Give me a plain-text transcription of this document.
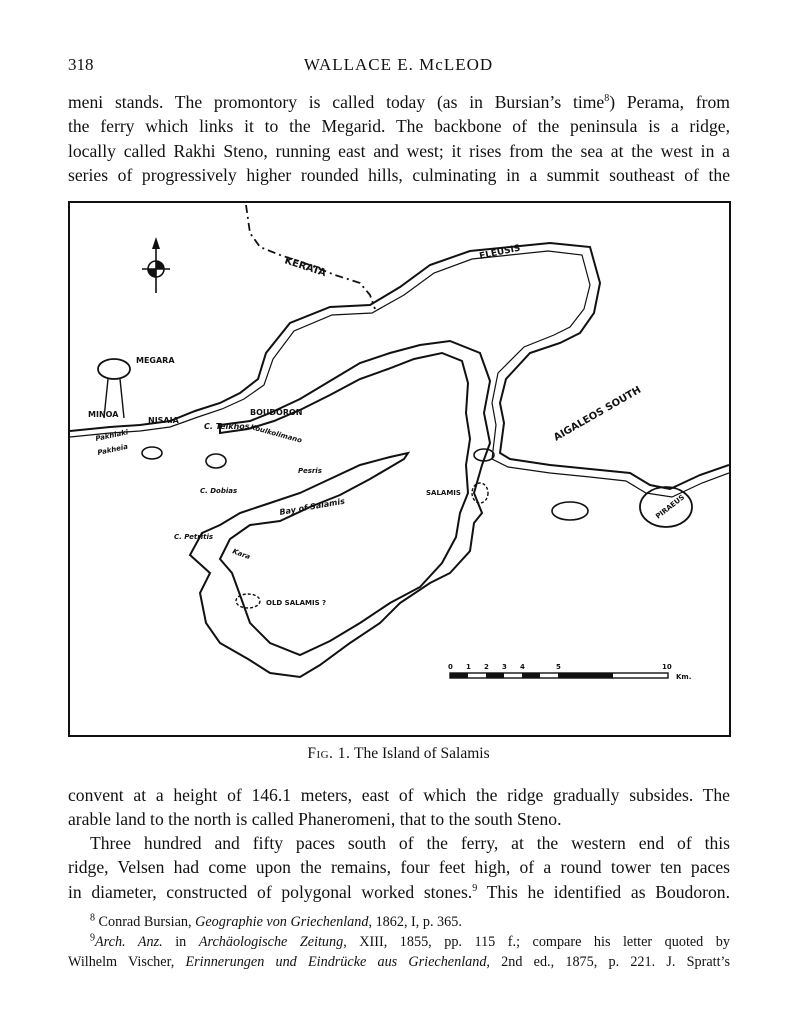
318	WALLACE E. McLEOD
meni stands. The promontory is called today (as in Bursian’s time$^8$) Perama, from
the ferry which links it to the Megarid. The backbone of the peninsula is a ridge,
locally called Rakhi Steno, running east and west; it rises from the sea at the west in a
series of progressively higher rounded hills, culminating in a summit southeast of the
KERATA
ELEUSIS
MEGARA
MINOA
NISAIA
BOUDORON
C. Teikhos Koulkolimano
Pakhiaki
Pakheia
C. Dobias
Pesris
Bay of Salamis
SALAMIS
AIGALEOS SOUTH
PIRAEUS
C. Petritis
Kara
OLD SALAMIS ?
0 1 2 3 4	5	10
Km.
Fig. 1. The Island of Salamis
convent at a height of 146.1 meters, east of which the ridge gradually subsides. The
arable land to the north is called Phaneromeni, that to the south Steno.
Three hundred and fifty paces south of the ferry, at the western end of this
ridge, Velsen had come upon the remains, four feet high, of a round tower ten paces
in diameter, constructed of polygonal worked stones.$^9$ This he identified as Boudoron.
$^8$ Conrad Bursian, Geographie von Griechenland, 1862, I, p. 365.
$^9$Arch. Anz. in Archäologische Zeitung, XIII, 1855, pp. 115 f.; compare his letter quoted by
Wilhelm Vischer, Erinnerungen und Eindrücke aus Griechenland, 2nd ed., 1875, p. 221. J. Spratt’s
